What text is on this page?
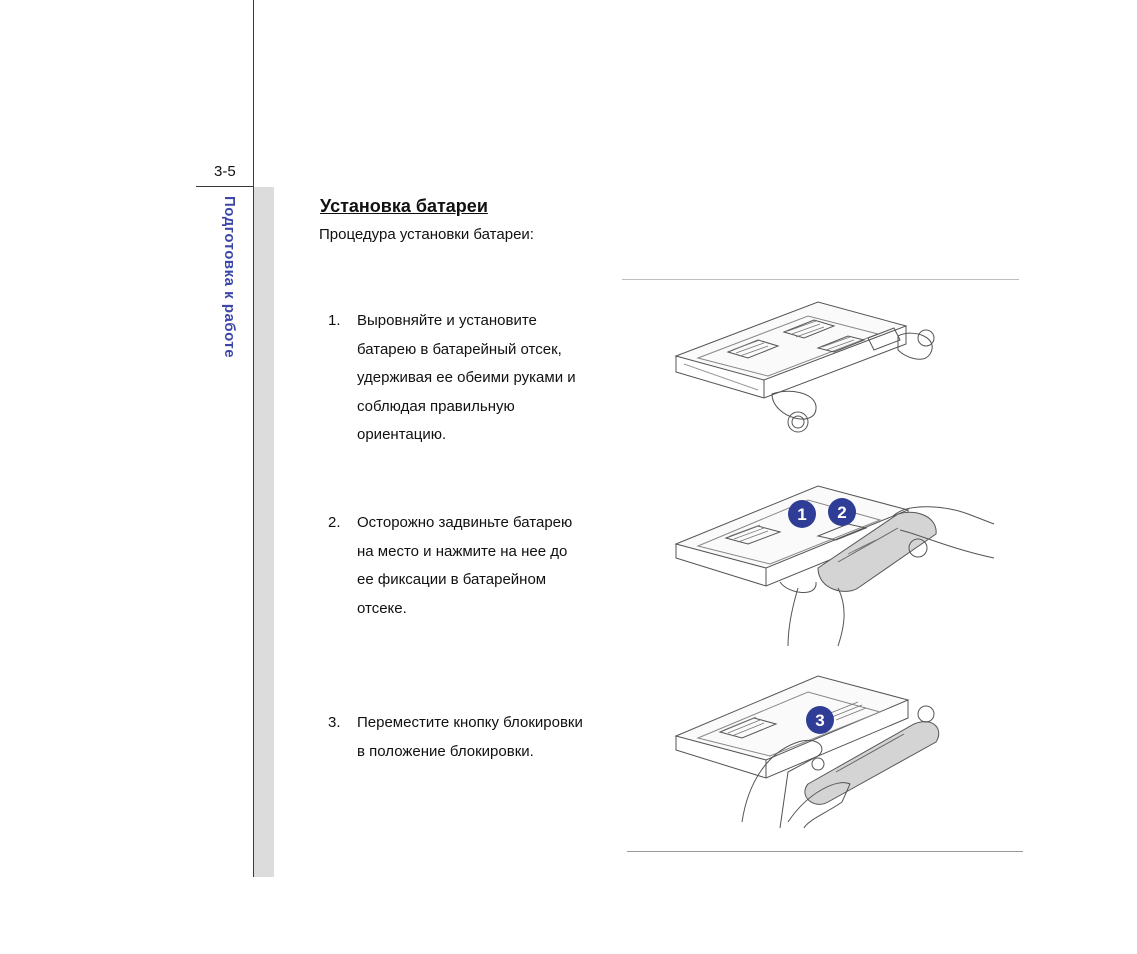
3-5
Подготовка к работе	Установка батареи
Процедура установки батареи:
1. Выровняйте и установите
батарею в батарейный отсек,
удерживая ее обеими руками и
соблюдая правильную
ориентацию.
2. Осторожно задвиньте батарею
на место и нажмите на нее до
ее фиксации в батарейном
отсеке.
3. Переместите кнопку блокировки
в положение блокировки.
1 2
3
